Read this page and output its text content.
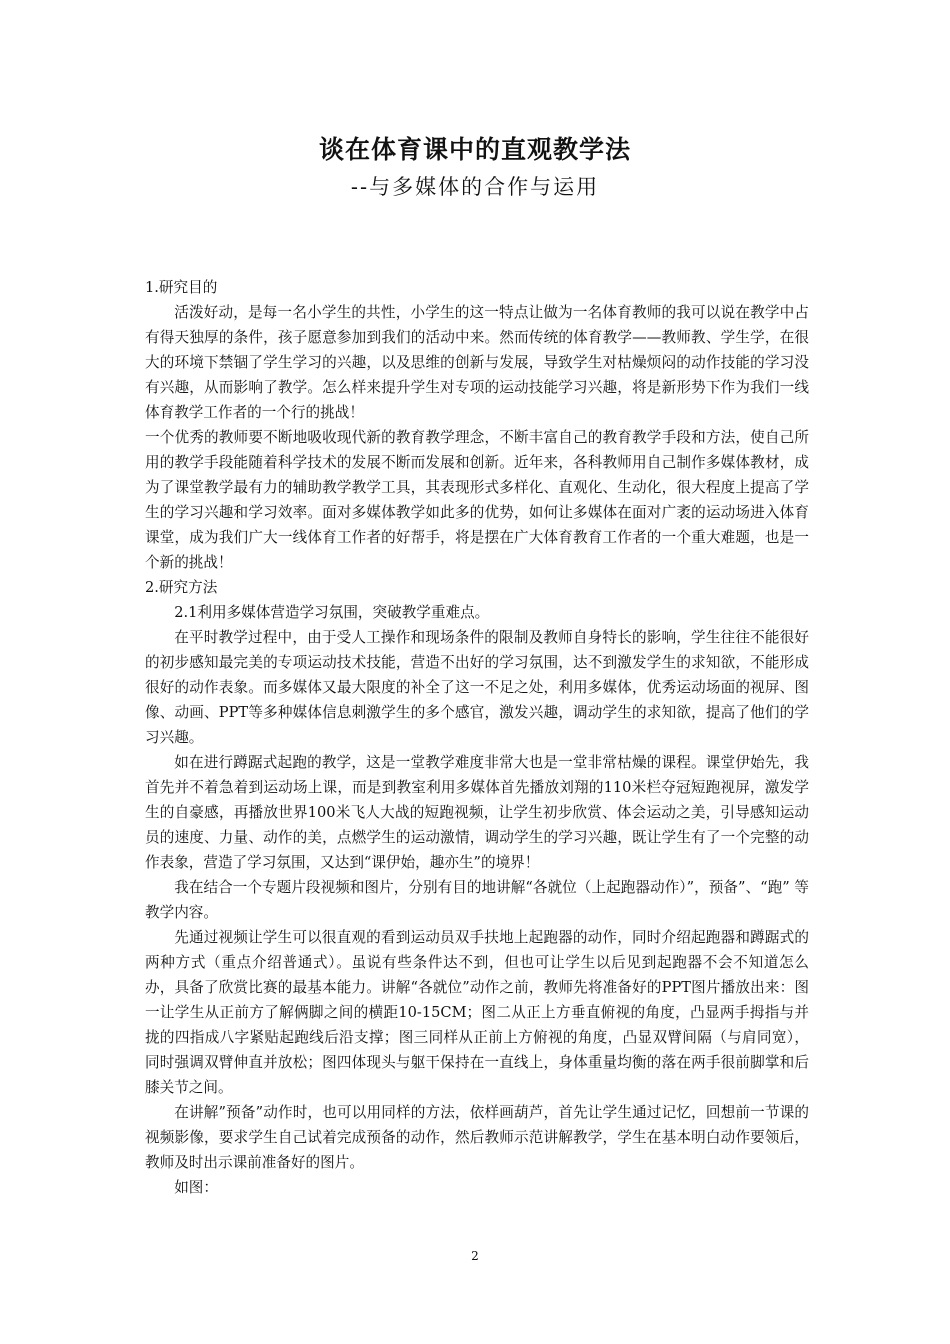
谈在体育课中的直观教学法
--与多媒体的合作与运用

1.研究目的

活泼好动，是每一名小学生的共性，小学生的这一特点让做为一名体育教师的我可以说在教学中占有得天独厚的条件，孩子愿意参加到我们的活动中来。然而传统的体育教学——教师教、学生学，在很大的环境下禁锢了学生学习的兴趣，以及思维的创新与发展，导致学生对枯燥烦闷的动作技能的学习没有兴趣，从而影响了教学。怎么样来提升学生对专项的运动技能学习兴趣，将是新形势下作为我们一线体育教学工作者的一个行的挑战！

一个优秀的教师要不断地吸收现代新的教育教学理念，不断丰富自己的教育教学手段和方法，使自己所用的教学手段能随着科学技术的发展不断而发展和创新。近年来，各科教师用自己制作多媒体教材，成为了课堂教学最有力的辅助教学教学工具，其表现形式多样化、直观化、生动化，很大程度上提高了学生的学习兴趣和学习效率。面对多媒体教学如此多的优势，如何让多媒体在面对广袤的运动场进入体育课堂，成为我们广大一线体育工作者的好帮手，将是摆在广大体育教育工作者的一个重大难题，也是一个新的挑战！

2.研究方法

2.1利用多媒体营造学习氛围，突破教学重难点。

在平时教学过程中，由于受人工操作和现场条件的限制及教师自身特长的影响，学生往往不能很好的初步感知最完美的专项运动技术技能，营造不出好的学习氛围，达不到激发学生的求知欲，不能形成很好的动作表象。而多媒体又最大限度的补全了这一不足之处，利用多媒体，优秀运动场面的视屏、图像、动画、PPT等多种媒体信息刺激学生的多个感官，激发兴趣，调动学生的求知欲，提高了他们的学习兴趣。

如在进行蹲踞式起跑的教学，这是一堂教学难度非常大也是一堂非常枯燥的课程。课堂伊始先，我首先并不着急着到运动场上课，而是到教室利用多媒体首先播放刘翔的110米栏夺冠短跑视屏，激发学生的自豪感，再播放世界100米飞人大战的短跑视频，让学生初步欣赏、体会运动之美，引导感知运动员的速度、力量、动作的美，点燃学生的运动激情，调动学生的学习兴趣，既让学生有了一个完整的动作表象，营造了学习氛围，又达到“课伊始，趣亦生”的境界！

我在结合一个专题片段视频和图片，分别有目的地讲解“各就位（上起跑器动作）”，预备”、“跑” 等教学内容。

先通过视频让学生可以很直观的看到运动员双手扶地上起跑器的动作，同时介绍起跑器和蹲踞式的两种方式（重点介绍普通式）。虽说有些条件达不到，但也可让学生以后见到起跑器不会不知道怎么办，具备了欣赏比赛的最基本能力。讲解“各就位”动作之前，教师先将准备好的PPT图片播放出来：图一让学生从正前方了解俩脚之间的横距10-15CM；图二从正上方垂直俯视的角度，凸显两手拇指与并拢的四指成八字紧贴起跑线后沿支撑；图三同样从正前上方俯视的角度，凸显双臂间隔（与肩同宽），同时强调双臂伸直并放松；图四体现头与躯干保持在一直线上，身体重量均衡的落在两手很前脚掌和后膝关节之间。

在讲解”预备”动作时，也可以用同样的方法，依样画葫芦，首先让学生通过记忆，回想前一节课的视频影像，要求学生自己试着完成预备的动作，然后教师示范讲解教学，学生在基本明白动作要领后，教师及时出示课前准备好的图片。

如图：

2
